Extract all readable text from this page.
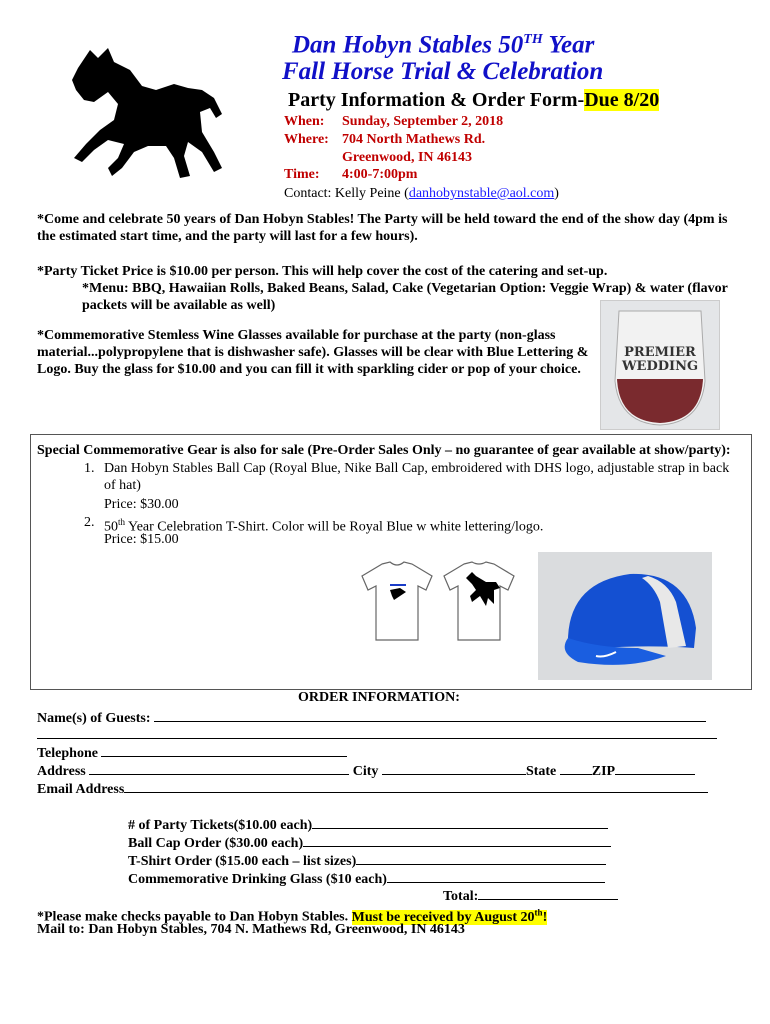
Dan Hobyn Stables 50TH Year
Fall Horse Trial & Celebration
Party Information & Order Form-Due 8/20
When: Sunday, September 2, 2018
Where: 704 North Mathews Rd.
Greenwood, IN 46143
Time: 4:00-7:00pm
Contact: Kelly Peine (danhobynstable@aol.com)
*Come and celebrate 50 years of Dan Hobyn Stables! The Party will be held toward the end of the show day (4pm is the estimated start time, and the party will last for a few hours).
*Party Ticket Price is $10.00 per person. This will help cover the cost of the catering and set-up.
*Menu: BBQ, Hawaiian Rolls, Baked Beans, Salad, Cake (Vegetarian Option: Veggie Wrap) & water (flavor packets will be available as well)
*Commemorative Stemless Wine Glasses available for purchase at the party (non-glass material...polypropylene that is dishwasher safe). Glasses will be clear with Blue Lettering & Logo. Buy the glass for $10.00 and you can fill it with sparkling cider or pop of your choice.
PREMIER
WEDDING
Special Commemorative Gear is also for sale (Pre-Order Sales Only – no guarantee of gear available at show/party):
1. Dan Hobyn Stables Ball Cap (Royal Blue, Nike Ball Cap, embroidered with DHS logo, adjustable strap in back of hat)
Price: $30.00
2. 50th Year Celebration T-Shirt. Color will be Royal Blue w white lettering/logo.
Price: $15.00
ORDER INFORMATION:
Name(s) of Guests:
Telephone
Address	City	State	ZIP
Email Address
# of Party Tickets($10.00 each)
Ball Cap Order ($30.00 each)
T-Shirt Order ($15.00 each – list sizes)
Commemorative Drinking Glass ($10 each)
Total:
*Please make checks payable to Dan Hobyn Stables. Must be received by August 20th!
Mail to: Dan Hobyn Stables, 704 N. Mathews Rd, Greenwood, IN 46143
